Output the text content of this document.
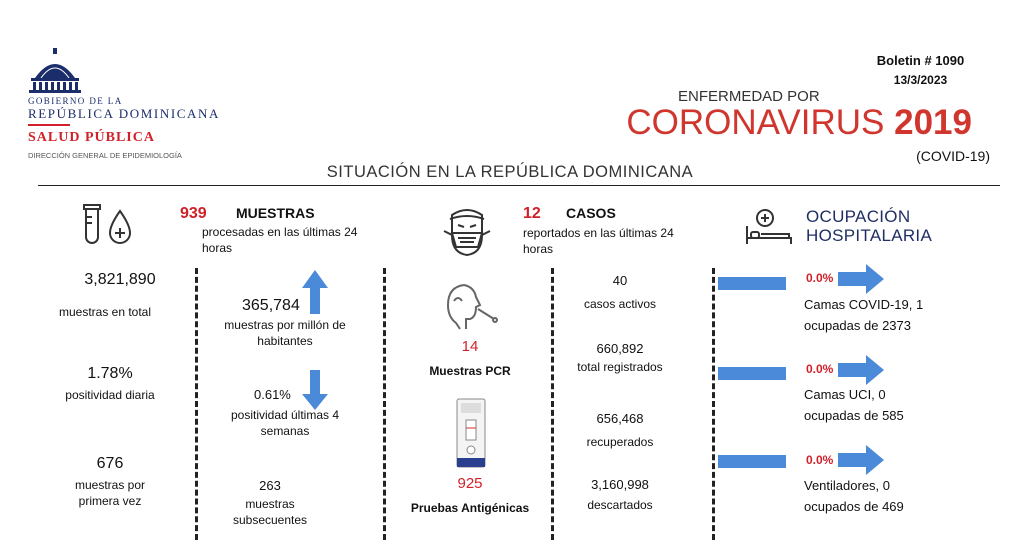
GOBIERNO DE LA
REPÚBLICA DOMINICANA
SALUD PÚBLICA
DIRECCIÓN GENERAL DE EPIDEMIOLOGÍA
Boletin # 1090
13/3/2023
ENFERMEDAD POR
CORONAVIRUS 2019
(COVID-19)
SITUACIÓN EN LA REPÚBLICA DOMINICANA
939 MUESTRAS
procesadas en las últimas 24 horas
3,821,890
muestras en total
1.78%
positividad diaria
676
muestras por primera vez
365,784
muestras por millón de habitantes
0.61%
positividad últimas 4 semanas
263
muestras subsecuentes
14
Muestras PCR
925
Pruebas Antigénicas
12 CASOS
reportados en las últimas 24 horas
40
casos activos
660,892
total registrados
656,468
recuperados
3,160,998
descartados
OCUPACIÓN
HOSPITALARIA
0.0%
Camas COVID-19, 1
ocupadas de 2373
0.0%
Camas UCI, 0
ocupadas de 585
0.0%
Ventiladores, 0
ocupados de 469
